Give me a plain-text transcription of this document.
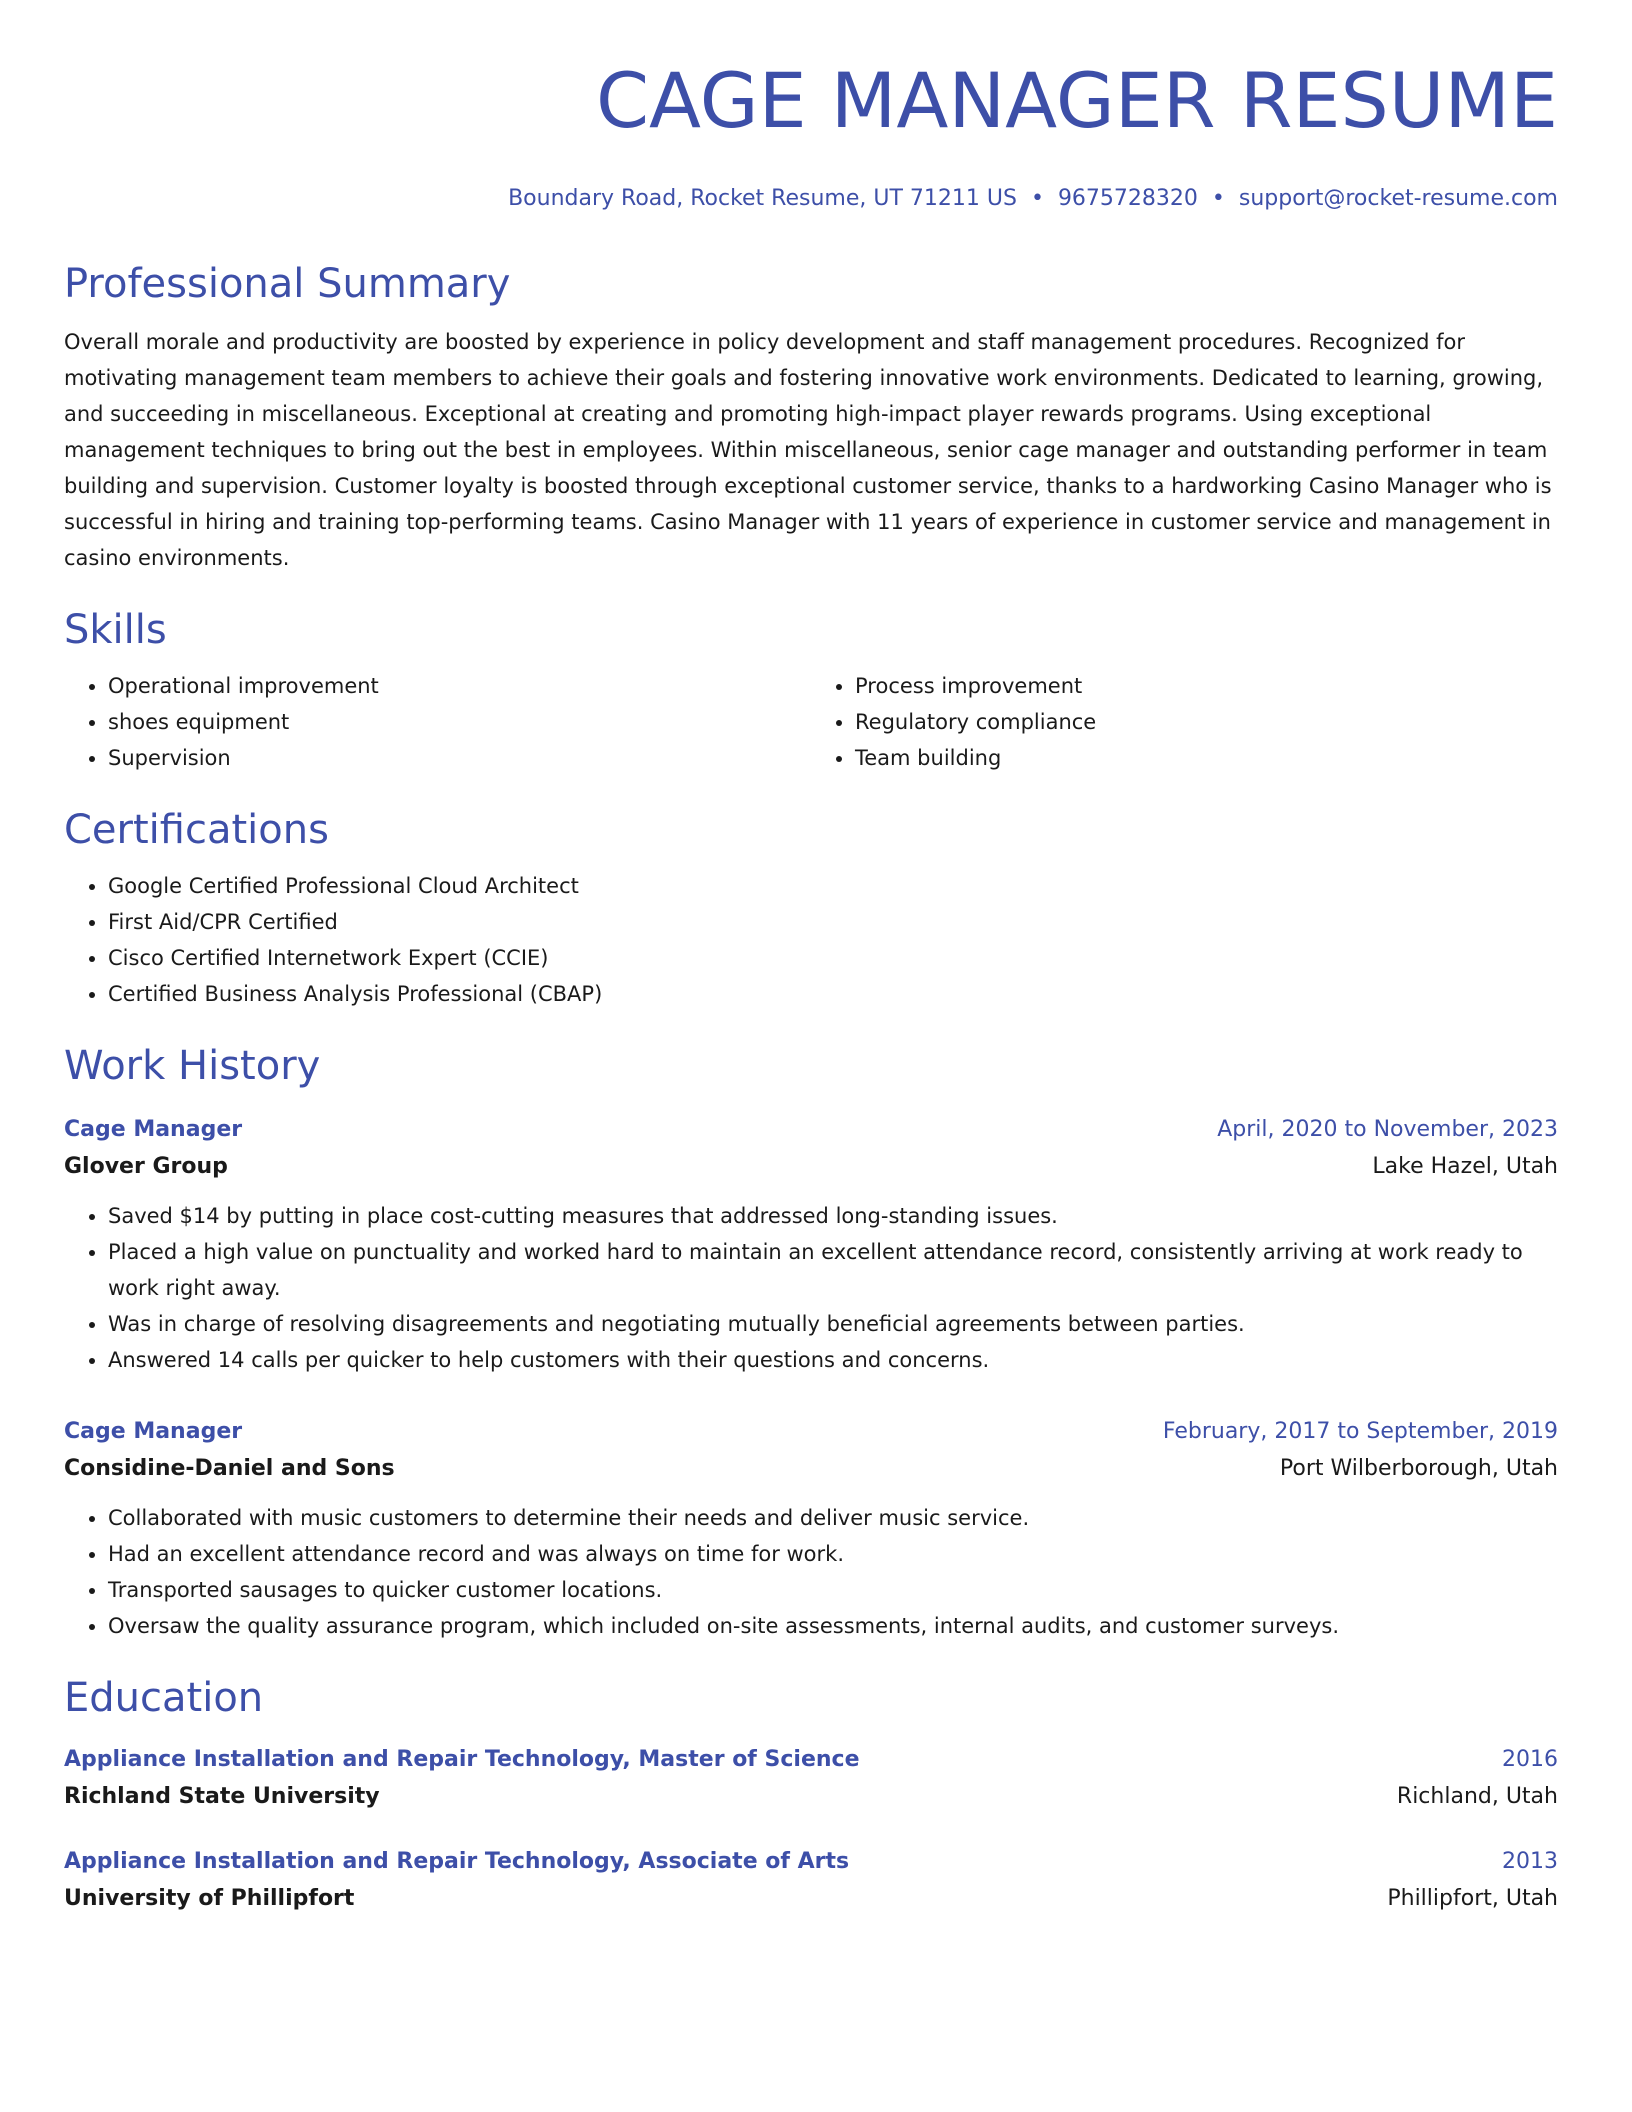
CAGE MANAGER RESUME
Boundary Road, Rocket Resume, UT 71211 US • 9675728320 • support@rocket-resume.com
Professional Summary
Overall morale and productivity are boosted by experience in policy development and staff management procedures. Recognized for motivating management team members to achieve their goals and fostering innovative work environments. Dedicated to learning, growing, and succeeding in miscellaneous. Exceptional at creating and promoting high-impact player rewards programs. Using exceptional management techniques to bring out the best in employees. Within miscellaneous, senior cage manager and outstanding performer in team building and supervision. Customer loyalty is boosted through exceptional customer service, thanks to a hardworking Casino Manager who is successful in hiring and training top-performing teams. Casino Manager with 11 years of experience in customer service and management in casino environments.
Skills
• Operational improvement
• shoes equipment
• Supervision
• Process improvement
• Regulatory compliance
• Team building
Certifications
• Google Certified Professional Cloud Architect
• First Aid/CPR Certified
• Cisco Certified Internetwork Expert (CCIE)
• Certified Business Analysis Professional (CBAP)
Work History
Cage Manager	April, 2020 to November, 2023
Glover Group	Lake Hazel, Utah
• Saved $14 by putting in place cost-cutting measures that addressed long-standing issues.
• Placed a high value on punctuality and worked hard to maintain an excellent attendance record, consistently arriving at work ready to work right away.
• Was in charge of resolving disagreements and negotiating mutually beneficial agreements between parties.
• Answered 14 calls per quicker to help customers with their questions and concerns.
Cage Manager	February, 2017 to September, 2019
Considine-Daniel and Sons	Port Wilberborough, Utah
• Collaborated with music customers to determine their needs and deliver music service.
• Had an excellent attendance record and was always on time for work.
• Transported sausages to quicker customer locations.
• Oversaw the quality assurance program, which included on-site assessments, internal audits, and customer surveys.
Education
Appliance Installation and Repair Technology, Master of Science	2016
Richland State University	Richland, Utah
Appliance Installation and Repair Technology, Associate of Arts	2013
University of Phillipfort	Phillipfort, Utah
